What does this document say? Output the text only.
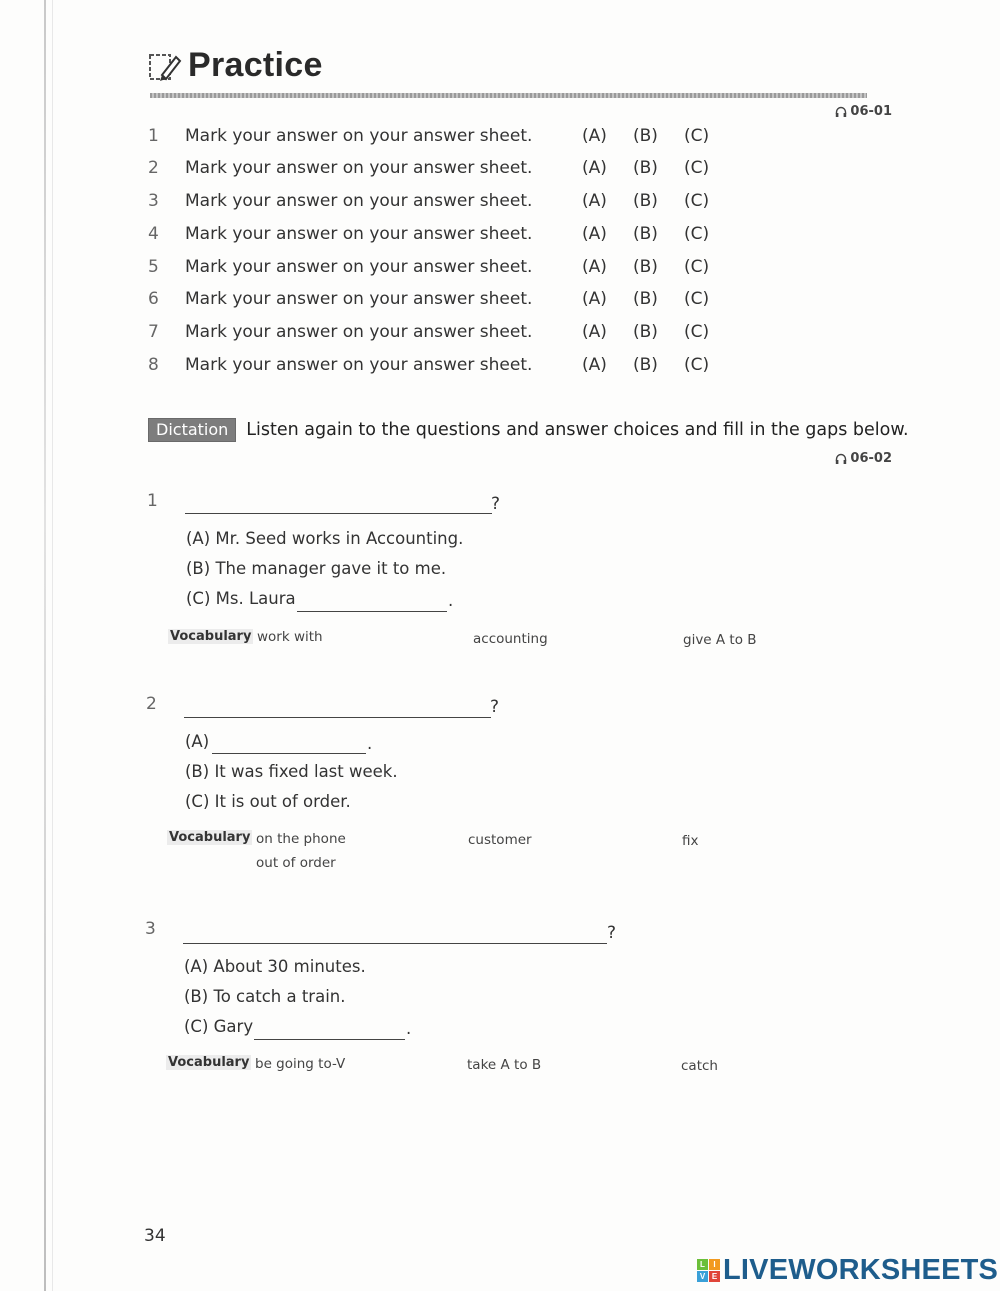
Practice
06-01
1 Mark your answer on your answer sheet.	(A) (B) (C)
2 Mark your answer on your answer sheet.	(A) (B) (C)
3 Mark your answer on your answer sheet.	(A) (B) (C)
4 Mark your answer on your answer sheet.	(A) (B) (C)
5 Mark your answer on your answer sheet.	(A) (B) (C)
6 Mark your answer on your answer sheet.	(A) (B) (C)
7 Mark your answer on your answer sheet.	(A) (B) (C)
8 Mark your answer on your answer sheet.	(A) (B) (C)
Dictation	Listen again to the questions and answer choices and fill in the gaps below.
06-02
1	?
(A) Mr. Seed works in Accounting.
(B) The manager gave it to me.
(C) Ms. Laura	.
Vocabulary work with	accounting	give A to B
2	?
(A)	.
(B) It was fixed last week.
(C) It is out of order.
Vocabulary on the phone	customer	fix
out of order
3	?
(A) About 30 minutes.
(B) To catch a train.
(C) Gary	.
Vocabulary be going to-V	take A to B	catch
34
L	I
V E LIVEWORKSHEETS
